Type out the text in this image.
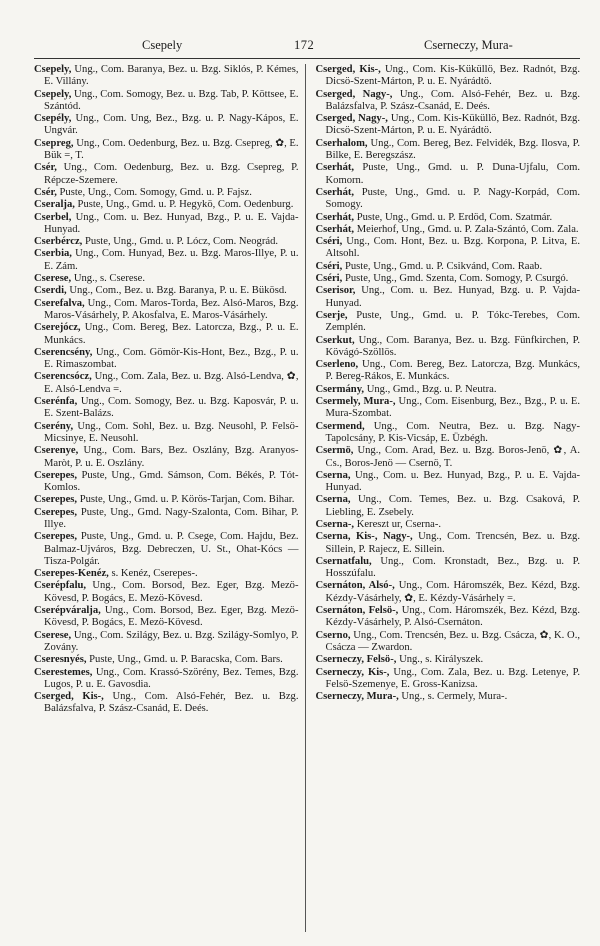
Csepely	172	Cserneczy, Mura-

Csepely, Ung., Com. Baranya, Bez. u. Bzg. Siklós, P. Kémes, E. Villány.

Csepely, Ung., Com. Somogy, Bez. u. Bzg. Tab, P. Köttsee, E. Szántód.

Csepély, Ung., Com. Ung, Bez., Bzg. u. P. Nagy-Kápos, E. Ungvár.

Csepreg, Ung., Com. Oedenburg, Bez. u. Bzg. Csepreg, ✿, E. Bük =, T.

Csér, Ung., Com. Oedenburg, Bez. u. Bzg. Csepreg, P. Répcze-Szemere.

Csér, Puste, Ung., Com. Somogy, Gmd. u. P. Fajsz.

Cseralja, Puste, Ung., Gmd. u. P. Hegykö, Com. Oedenburg.

Cserbel, Ung., Com. u. Bez. Hunyad, Bzg., P. u. E. Vajda-Hunyad.

Cserbércz, Puste, Ung., Gmd. u. P. Lócz, Com. Neográd.

Cserbia, Ung., Com. Hunyad, Bez. u. Bzg. Maros-Illye, P. u. E. Zám.

Cserese, Ung., s. Cserese.

Cserdi, Ung., Com., Bez. u. Bzg. Baranya, P. u. E. Bükösd.

Cserefalva, Ung., Com. Maros-Torda, Bez. Alsó-Maros, Bzg. Maros-Vásárhely, P. Akosfalva, E. Maros-Vásárhely.

Cserejócz, Ung., Com. Bereg, Bez. Latorcza, Bzg., P. u. E. Munkács.

Cserencsény, Ung., Com. Gömör-Kis-Hont, Bez., Bzg., P. u. E. Rimaszombat.

Cserencsócz, Ung., Com. Zala, Bez. u. Bzg. Alsó-Lendva, ✿, E. Alsó-Lendva =.

Cserénfa, Ung., Com. Somogy, Bez. u. Bzg. Kaposvár, P. u. E. Szent-Balázs.

Cserény, Ung., Com. Sohl, Bez. u. Bzg. Neusohl, P. Felsö-Micsinye, E. Neusohl.

Cserenye, Ung., Com. Bars, Bez. Oszlány, Bzg. Aranyos-Maròt, P. u. E. Oszlány.

Cserepes, Puste, Ung., Gmd. Sámson, Com. Békés, P. Tót-Komlos.

Cserepes, Puste, Ung., Gmd. u. P. Körös-Tarjan, Com. Bihar.

Cserepes, Puste, Ung., Gmd. Nagy-Szalonta, Com. Bihar, P. Illye.

Cserepes, Puste, Ung., Gmd. u. P. Csege, Com. Hajdu, Bez. Balmaz-Ujváros, Bzg. Debreczen, U. St., Ohat-Kócs — Tisza-Polgár.

Cserepes-Kenéz, s. Kenéz, Cserepes-.

Cserépfalu, Ung., Com. Borsod, Bez. Eger, Bzg. Mezö-Kövesd, P. Bogács, E. Mezö-Kövesd.

Cserépváralja, Ung., Com. Borsod, Bez. Eger, Bzg. Mezö-Kövesd, P. Bogács, E. Mezö-Kövesd.

Cserese, Ung., Com. Szilágy, Bez. u. Bzg. Szilágy-Somlyo, P. Zovány.

Cseresnyés, Puste, Ung., Gmd. u. P. Baracska, Com. Bars.

Cserestemes, Ung., Com. Krassó-Szörény, Bez. Temes, Bzg. Lugos, P. u. E. Gavosdia.

Cserged, Kis-, Ung., Com. Alsó-Fehér, Bez. u. Bzg. Balázsfalva, P. Szász-Csanád, E. Deés.

Cserged, Kis-, Ung., Com. Kis-Küküllö, Bez. Radnót, Bzg. Dicsö-Szent-Márton, P. u. E. Nyárádtö.

Cserged, Nagy-, Ung., Com. Alsó-Fehér, Bez. u. Bzg. Balázsfalva, P. Szász-Csanád, E. Deés.

Cserged, Nagy-, Ung., Com. Kis-Küküllö, Bez. Radnót, Bzg. Dicsö-Szent-Márton, P. u. E. Nyárádtö.

Cserhalom, Ung., Com. Bereg, Bez. Felvidék, Bzg. Ilosva, P. Bilke, E. Beregszász.

Cserhát, Puste, Ung., Gmd. u. P. Duna-Ujfalu, Com. Komorn.

Cserhát, Puste, Ung., Gmd. u. P. Nagy-Korpád, Com. Somogy.

Cserhát, Puste, Ung., Gmd. u. P. Erdöd, Com. Szatmár.

Cserhát, Meierhof, Ung., Gmd. u. P. Zala-Szántó, Com. Zala.

Cséri, Ung., Com. Hont, Bez. u. Bzg. Korpona, P. Litva, E. Altsohl.

Cséri, Puste, Ung., Gmd. u. P. Csikvánd, Com. Raab.

Cséri, Puste, Ung., Gmd. Szenta, Com. Somogy, P. Csurgó.

Cserisor, Ung., Com. u. Bez. Hunyad, Bzg. u. P. Vajda-Hunyad.

Cserje, Puste, Ung., Gmd. u. P. Tókc-Terebes, Com. Zemplén.

Cserkut, Ung., Com. Baranya, Bez. u. Bzg. Fünfkirchen, P. Kövágó-Szöllös.

Cserleno, Ung., Com. Bereg, Bez. Latorcza, Bzg. Munkács, P. Bereg-Rákos, E. Munkács.

Csermány, Ung., Gmd., Bzg. u. P. Neutra.

Csermely, Mura-, Ung., Com. Eisenburg, Bez., Bzg., P. u. E. Mura-Szombat.

Csermend, Ung., Com. Neutra, Bez. u. Bzg. Nagy-Tapolcsány, P. Kis-Vicsáp, E. Üzbégh.

Csermö, Ung., Com. Arad, Bez. u. Bzg. Boros-Jenö, ✿, A. Cs., Boros-Jenö — Csernö, T.

Cserna, Ung., Com. u. Bez. Hunyad, Bzg., P. u. E. Vajda-Hunyad.

Cserna, Ung., Com. Temes, Bez. u. Bzg. Csaková, P. Liebling, E. Zsebely.

Cserna-, Kereszt ur, Cserna-.

Cserna, Kis-, Nagy-, Ung., Com. Trencsén, Bez. u. Bzg. Sillein, P. Rajecz, E. Sillein.

Csernatfalu, Ung., Com. Kronstadt, Bez., Bzg. u. P. Hosszúfalu.

Csernáton, Alsó-, Ung., Com. Háromszék, Bez. Kézd, Bzg. Kézdy-Vásárhely, ✿, E. Kézdy-Vásárhely =.

Csernáton, Felsö-, Ung., Com. Háromszék, Bez. Kézd, Bzg. Kézdy-Vásárhely, P. Alsó-Csernáton.

Cserno, Ung., Com. Trencsén, Bez. u. Bzg. Csácza, ✿, K. O., Csácza — Zwardon.

Cserneczy, Felsö-, Ung., s. Királyszek.

Cserneczy, Kis-, Ung., Com. Zala, Bez. u. Bzg. Letenye, P. Felsö-Szemenye, E. Gross-Kanizsa.

Cserneczy, Mura-, Ung., s. Cermely, Mura-.
